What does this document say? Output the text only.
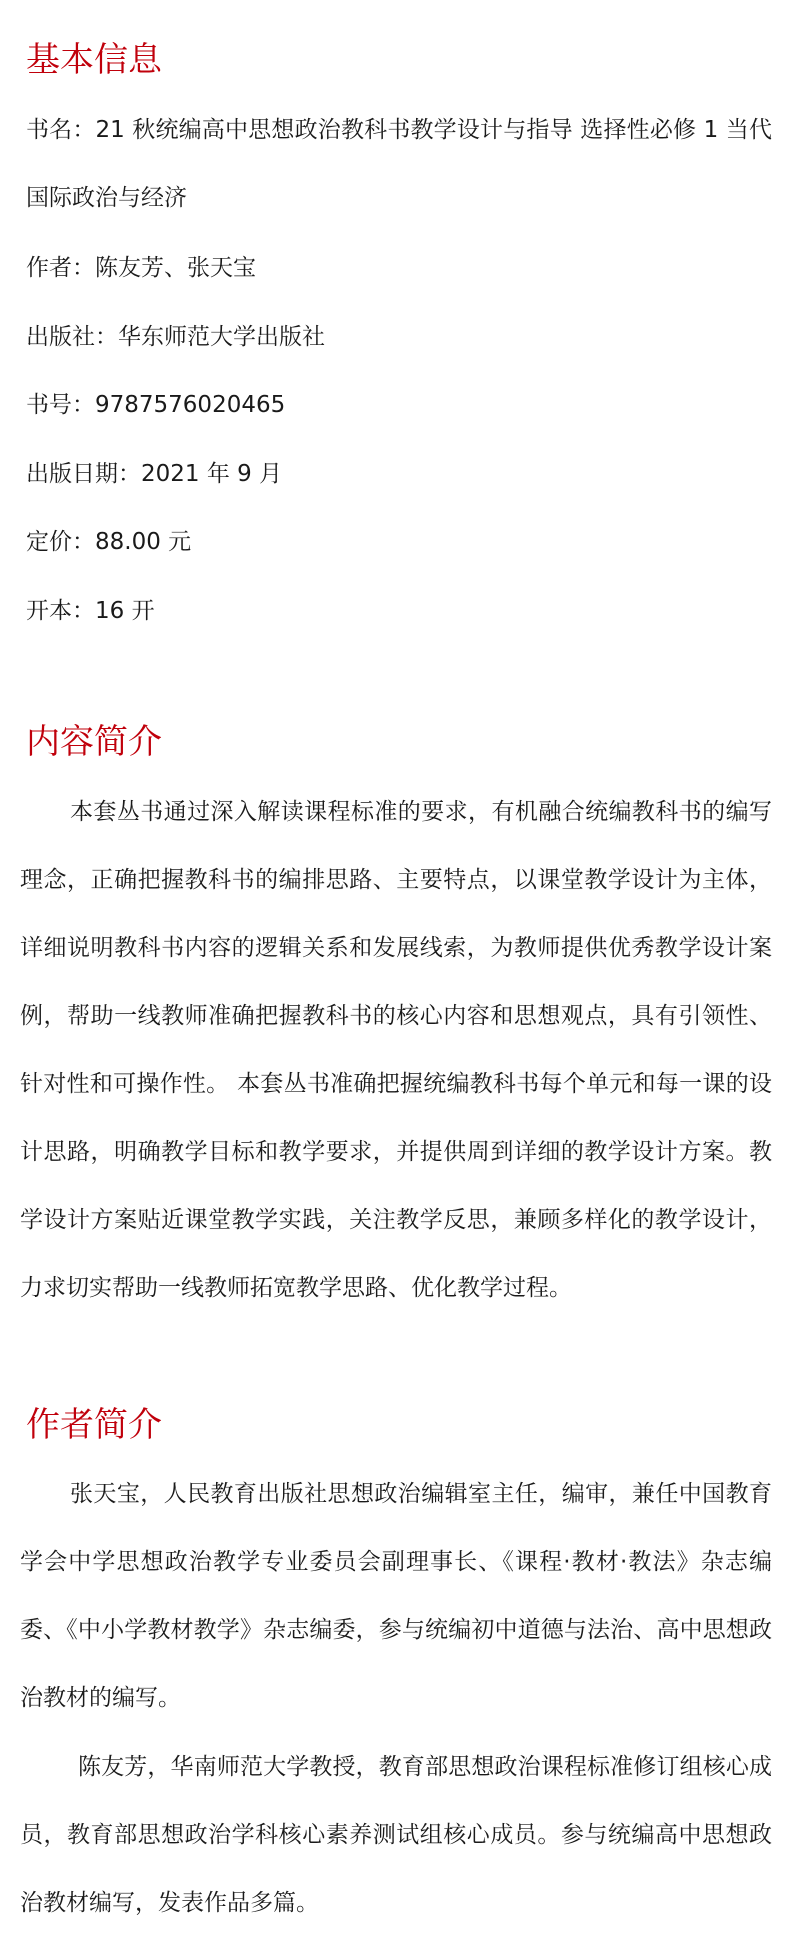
基本信息

书名：21 秋统编高中思想政治教科书教学设计与指导 选择性必修 1 当代国际政治与经济

作者：陈友芳、张天宝
出版社：华东师范大学出版社
书号：9787576020465
出版日期：2021 年 9 月
定价：88.00 元
开本：16 开
内容简介

本套丛书通过深入解读课程标准的要求，有机融合统编教科书的编写理念，正确把握教科书的编排思路、主要特点，以课堂教学设计为主体，详细说明教科书内容的逻辑关系和发展线索，为教师提供优秀教学设计案例，帮助一线教师准确把握教科书的核心内容和思想观点，具有引领性、针对性和可操作性。 本套丛书准确把握统编教科书每个单元和每一课的设计思路，明确教学目标和教学要求，并提供周到详细的教学设计方案。教学设计方案贴近课堂教学实践，关注教学反思，兼顾多样化的教学设计，力求切实帮助一线教师拓宽教学思路、优化教学过程。

作者简介

张天宝，人民教育出版社思想政治编辑室主任，编审，兼任中国教育学会中学思想政治教学专业委员会副理事长、《课程·教材·教法》杂志编委、《中小学教材教学》杂志编委，参与统编初中道德与法治、高中思想政治教材的编写。

陈友芳，华南师范大学教授，教育部思想政治课程标准修订组核心成员，教育部思想政治学科核心素养测试组核心成员。参与统编高中思想政治教材编写，发表作品多篇。
